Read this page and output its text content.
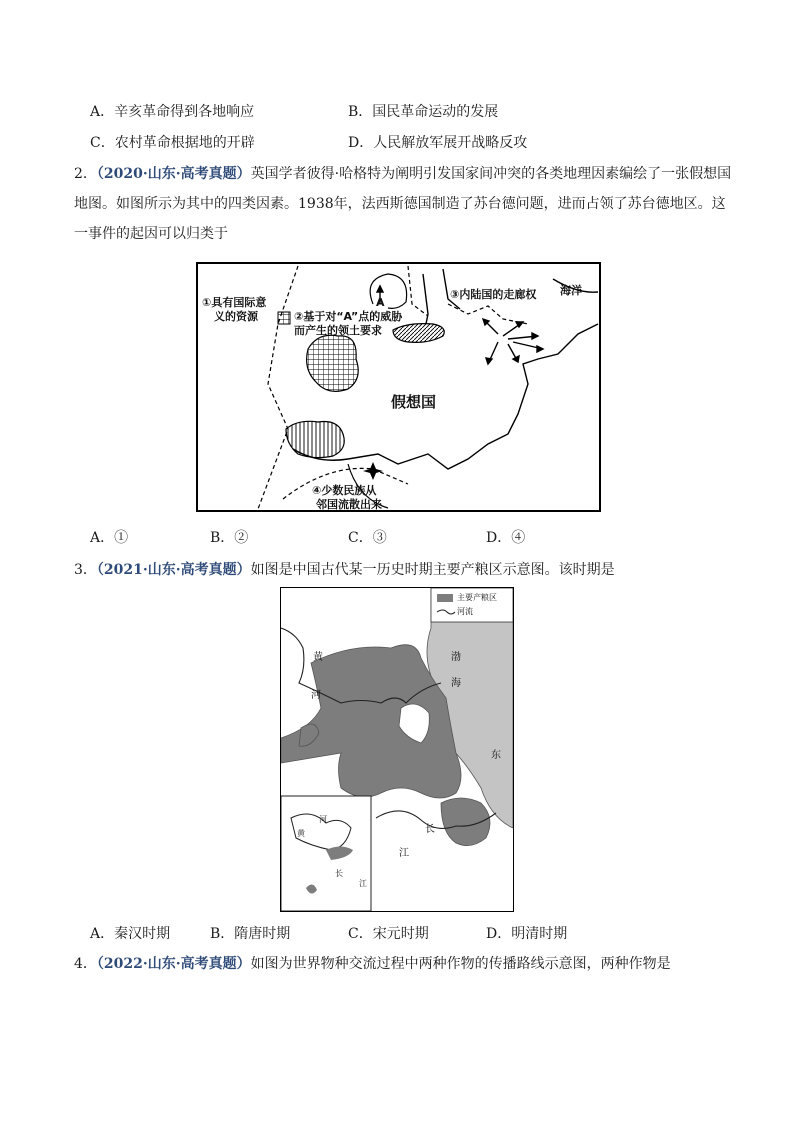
A．辛亥革命得到各地响应	B．国民革命运动的发展
C．农村革命根据地的开辟	D．人民解放军展开战略反攻
2．（2020·山东·高考真题）英国学者彼得·哈格特为阐明引发国家间冲突的各类地理因素编绘了一张假想国
地图。如图所示为其中的四类因素。1938年，法西斯德国制造了苏台德问题，进而占领了苏台德地区。这
一事件的起因可以归类于
①具有国际意
义的资源	②基于对“A”点的威胁
而产生的领土要求
A
③内陆国的走廊权 海洋
假想国
④少数民族从
邻国流散出来
A．①	B．②	C．③	D．④
3．（2021·山东·高考真题）如图是中国古代某一历史时期主要产粮区示意图。该时期是
主要产粮区
河流
黄
河
渤
海
东
长
江
河
黄
长
江
A．秦汉时期	B．隋唐时期	C．宋元时期	D．明清时期
4．（2022·山东·高考真题）如图为世界物种交流过程中两种作物的传播路线示意图，两种作物是
